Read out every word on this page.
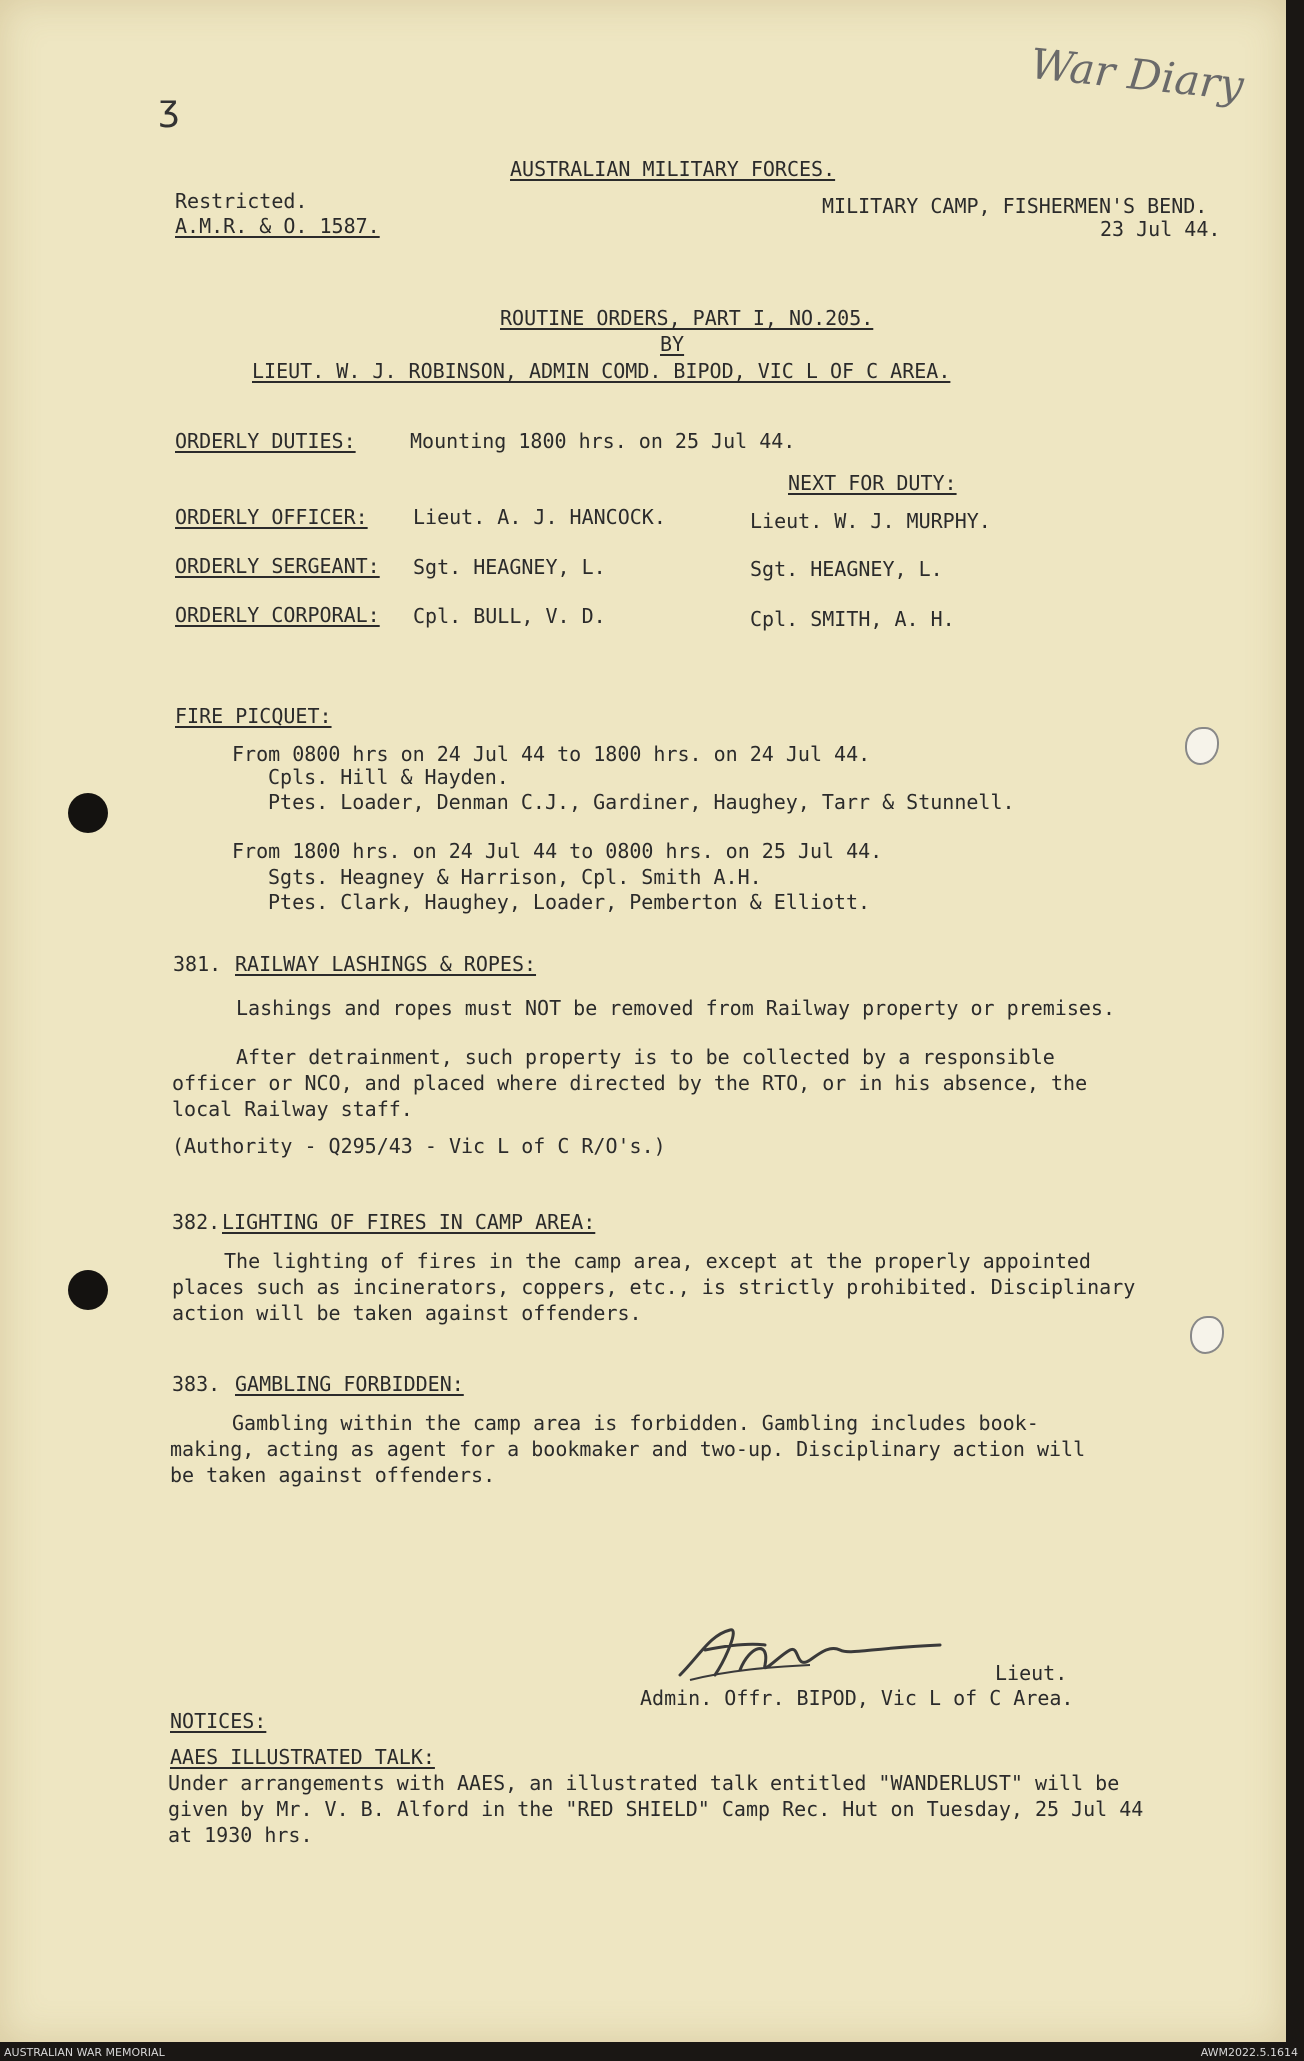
War Diary
ʒ

AUSTRALIAN MILITARY FORCES.

Restricted.

A.M.R. & O. 1587.

MILITARY CAMP, FISHERMEN'S BEND.

23 Jul 44.

ROUTINE ORDERS, PART I, NO.205.

BY

LIEUT. W. J. ROBINSON, ADMIN COMD. BIPOD, VIC L OF C AREA.

ORDERLY DUTIES:	Mounting 1800 hrs. on 25 Jul 44.

NEXT FOR DUTY:

ORDERLY OFFICER: Lieut. A. J. HANCOCK.	Lieut. W. J. MURPHY.

ORDERLY SERGEANT: Sgt. HEAGNEY, L.	Sgt. HEAGNEY, L.

ORDERLY CORPORAL: Cpl. BULL, V. D.	Cpl. SMITH, A. H.

FIRE PICQUET:

From 0800 hrs on 24 Jul 44 to 1800 hrs. on 24 Jul 44.

Cpls. Hill & Hayden.

Ptes. Loader, Denman C.J., Gardiner, Haughey, Tarr & Stunnell.

From 1800 hrs. on 24 Jul 44 to 0800 hrs. on 25 Jul 44.

Sgts. Heagney & Harrison, Cpl. Smith A.H.

Ptes. Clark, Haughey, Loader, Pemberton & Elliott.

381. RAILWAY LASHINGS & ROPES:

Lashings and ropes must NOT be removed from Railway property or premises.

After detrainment, such property is to be collected by a responsible officer or NCO, and placed where directed by the RTO, or in his absence, the local Railway staff.

(Authority - Q295/43 - Vic L of C R/O's.)

382. LIGHTING OF FIRES IN CAMP AREA:

The lighting of fires in the camp area, except at the properly appointed places such as incinerators, coppers, etc., is strictly prohibited. Disciplinary action will be taken against offenders.

383. GAMBLING FORBIDDEN:

Gambling within the camp area is forbidden. Gambling includes book-making, acting as agent for a bookmaker and two-up. Disciplinary action will be taken against offenders.

Lieut.

Admin. Offr. BIPOD, Vic L of C Area.

NOTICES:

AAES ILLUSTRATED TALK:

Under arrangements with AAES, an illustrated talk entitled "WANDERLUST" will be given by Mr. V. B. Alford in the "RED SHIELD" Camp Rec. Hut on Tuesday, 25 Jul 44 at 1930 hrs.

AUSTRALIAN WAR MEMORIAL	AWM2022.5.1614
